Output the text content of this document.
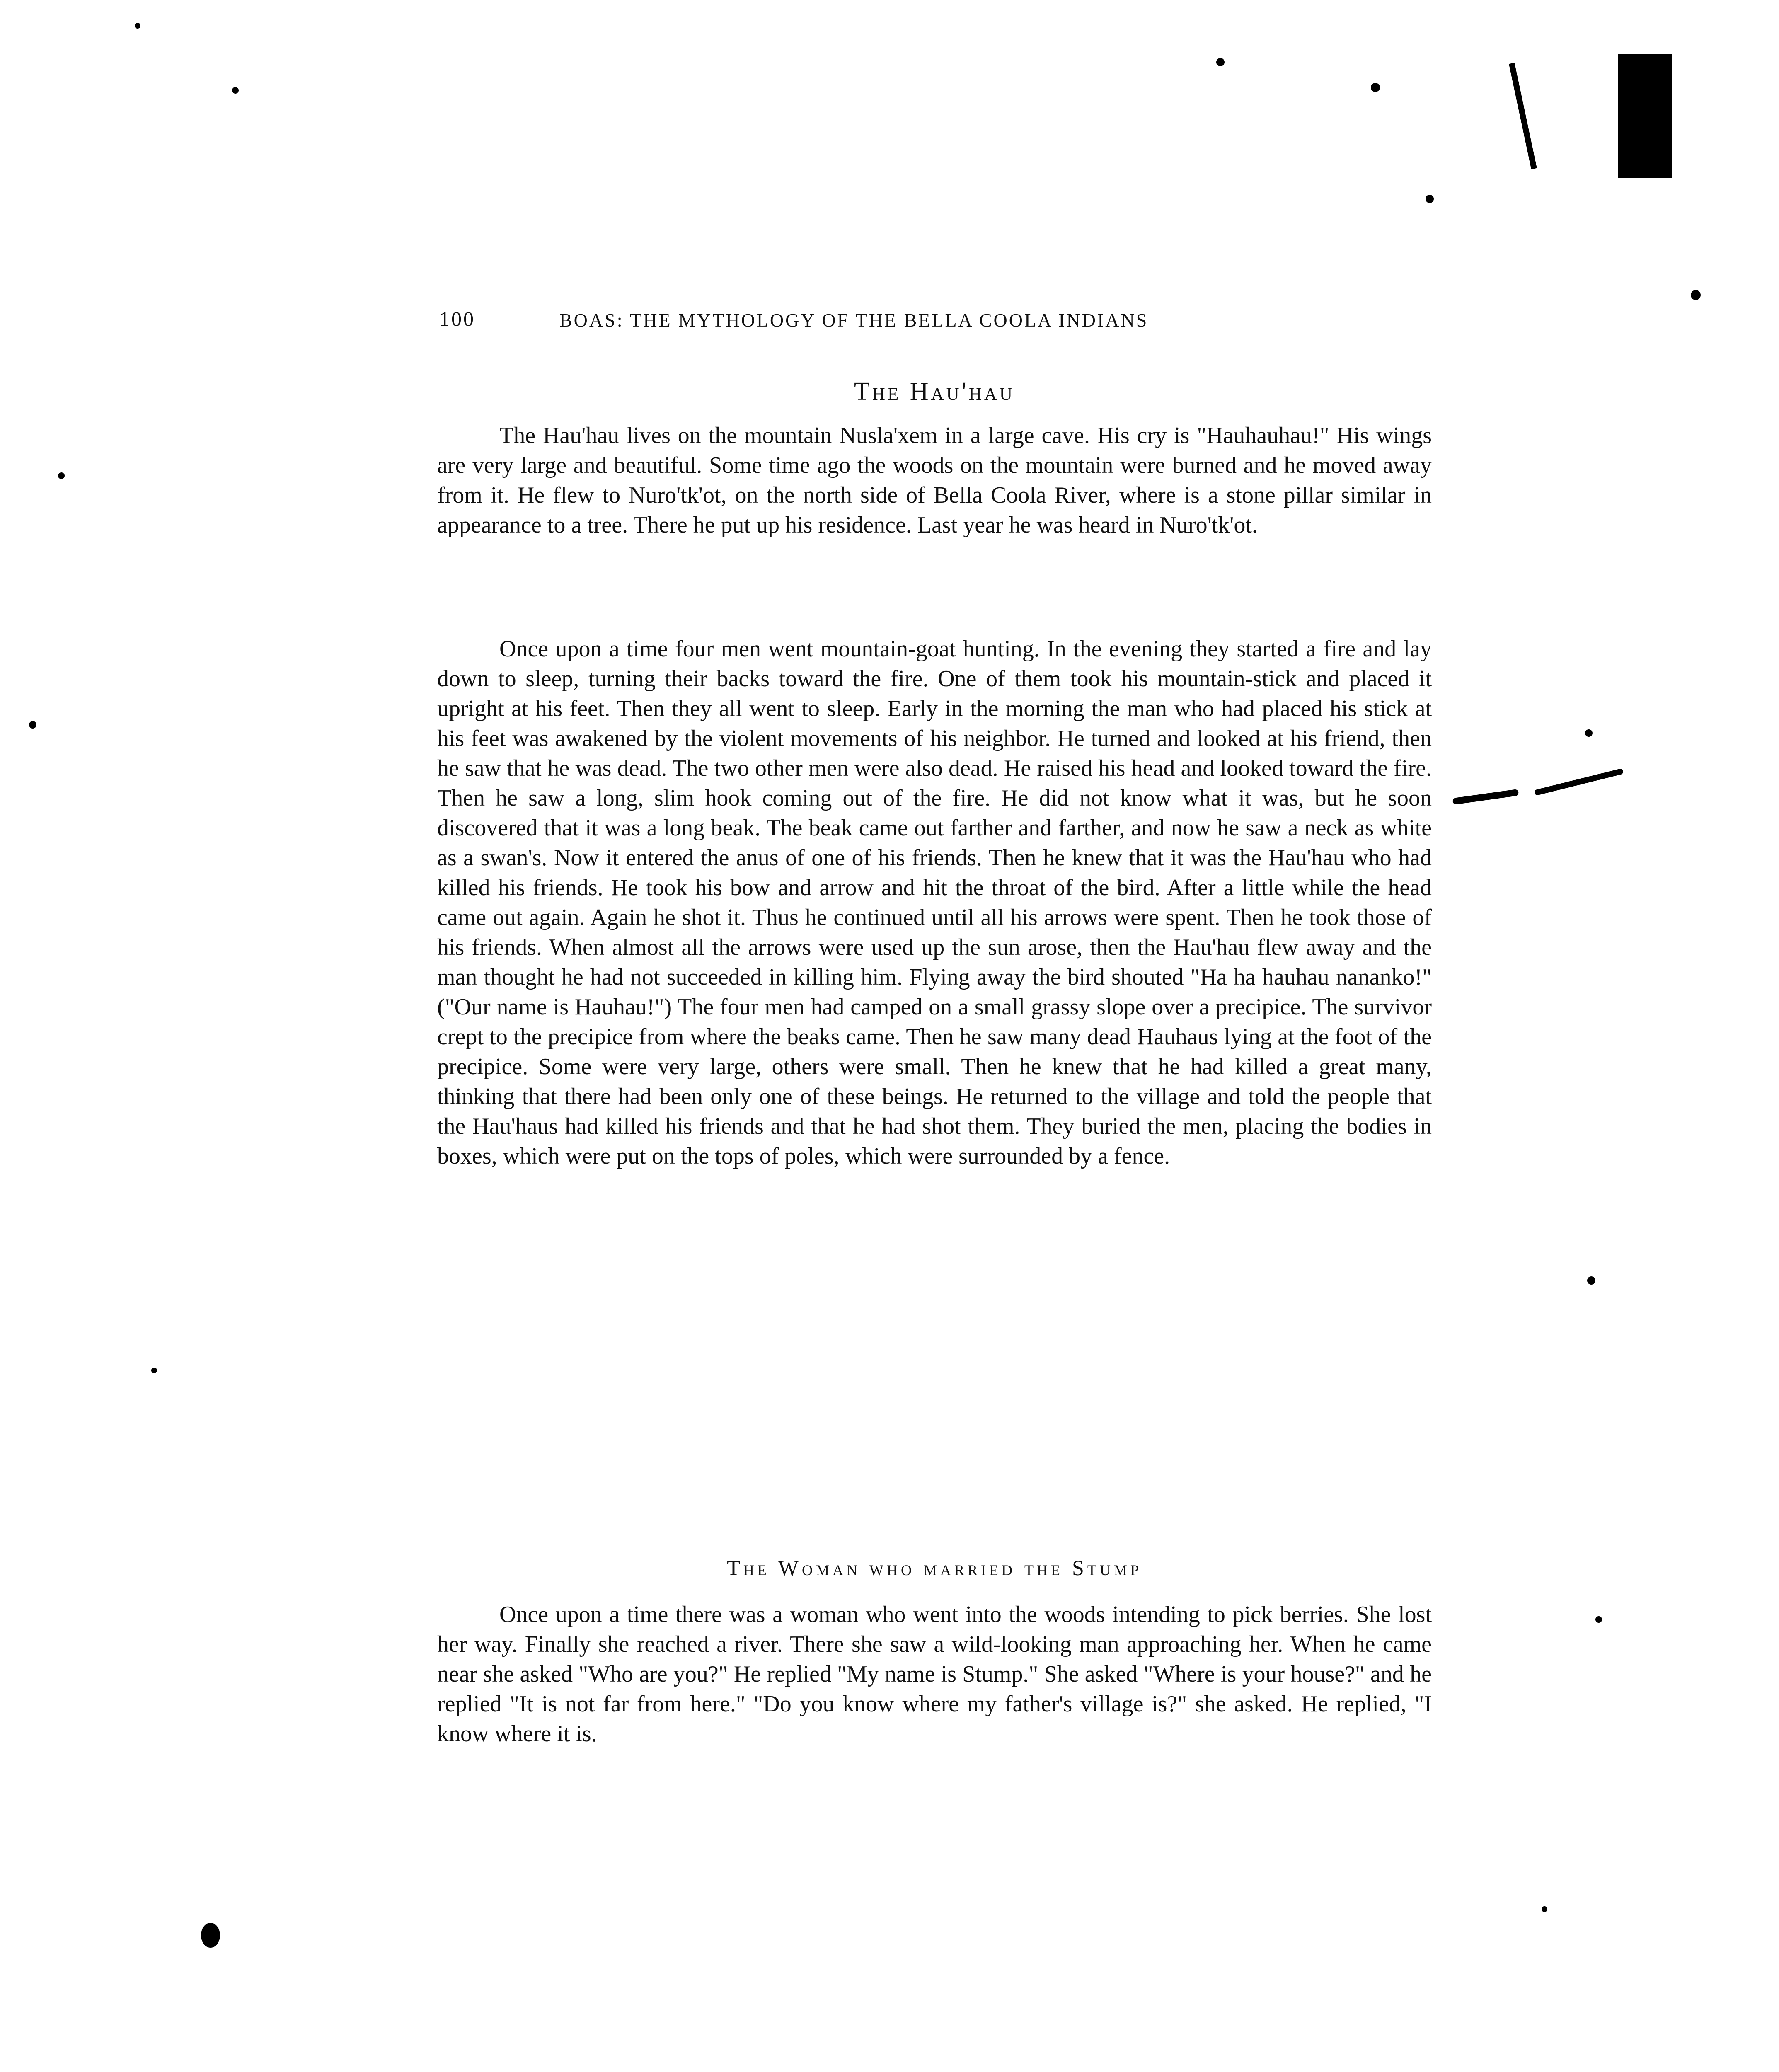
100	BOAS: THE MYTHOLOGY OF THE BELLA COOLA INDIANS
The Hau'hau

The Hau'hau lives on the mountain Nusla'xem in a large cave. His cry is "Hauhauhau!" His wings are very large and beautiful. Some time ago the woods on the mountain were burned and he moved away from it. He flew to Nuro'tk'ot, on the north side of Bella Coola River, where is a stone pillar similar in appearance to a tree. There he put up his residence. Last year he was heard in Nuro'tk'ot.

Once upon a time four men went mountain-goat hunting. In the evening they started a fire and lay down to sleep, turning their backs toward the fire. One of them took his mountain-stick and placed it upright at his feet. Then they all went to sleep. Early in the morning the man who had placed his stick at his feet was awakened by the violent movements of his neighbor. He turned and looked at his friend, then he saw that he was dead. The two other men were also dead. He raised his head and looked toward the fire. Then he saw a long, slim hook coming out of the fire. He did not know what it was, but he soon discovered that it was a long beak. The beak came out farther and farther, and now he saw a neck as white as a swan's. Now it entered the anus of one of his friends. Then he knew that it was the Hau'hau who had killed his friends. He took his bow and arrow and hit the throat of the bird. After a little while the head came out again. Again he shot it. Thus he continued until all his arrows were spent. Then he took those of his friends. When almost all the arrows were used up the sun arose, then the Hau'hau flew away and the man thought he had not succeeded in killing him. Flying away the bird shouted "Ha ha hauhau nananko!" ("Our name is Hauhau!") The four men had camped on a small grassy slope over a precipice. The survivor crept to the precipice from where the beaks came. Then he saw many dead Hauhaus lying at the foot of the precipice. Some were very large, others were small. Then he knew that he had killed a great many, thinking that there had been only one of these beings. He returned to the village and told the people that the Hau'haus had killed his friends and that he had shot them. They buried the men, placing the bodies in boxes, which were put on the tops of poles, which were surrounded by a fence.

The Woman who married the Stump

Once upon a time there was a woman who went into the woods intending to pick berries. She lost her way. Finally she reached a river. There she saw a wild-looking man approaching her. When he came near she asked "Who are you?" He replied "My name is Stump." She asked "Where is your house?" and he replied "It is not far from here." "Do you know where my father's village is?" she asked. He replied, "I know where it is.
